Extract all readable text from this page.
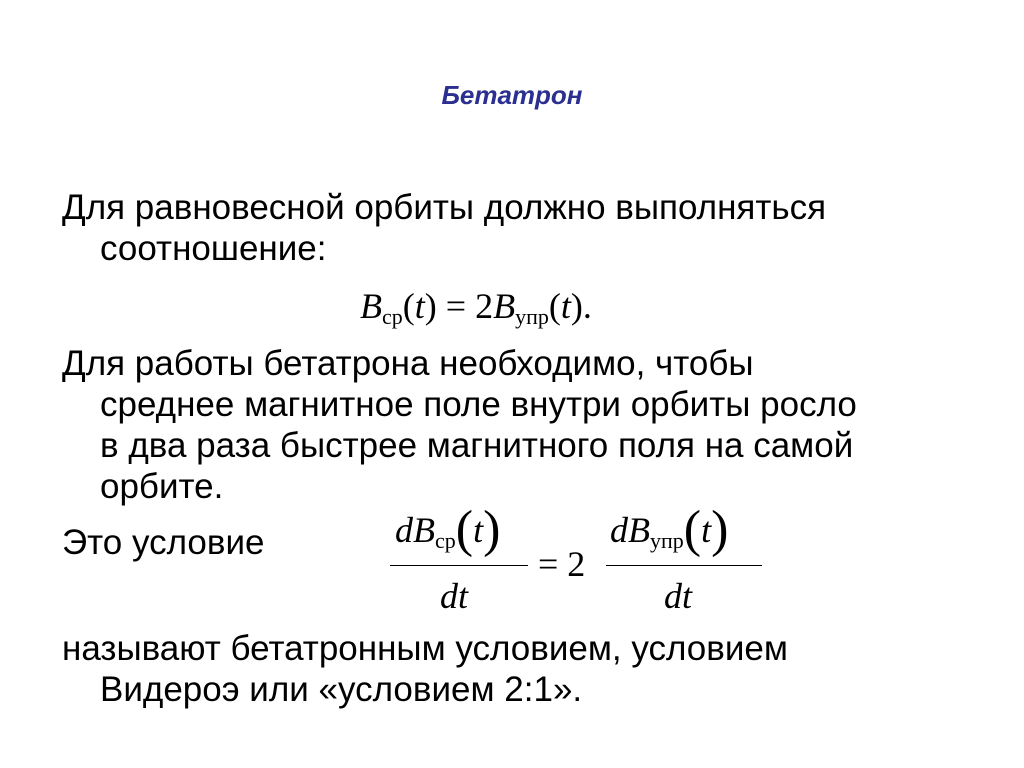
Бетатрон
Для равновесной орбиты должно выполняться
соотношение:
$B_{ср}(t) = 2B_{упр}(t)$.
Для работы бетатрона необходимо, чтобы
среднее магнитное поле внутри орбиты росло
в два раза быстрее магнитного поля на самой
орбите.
Это условие	$dB_{ср}(t)$
dt
= 2
$dB_{упр}(t)$
dt
называют бетатронным условием, условием
Видероэ или «условием 2:1».
